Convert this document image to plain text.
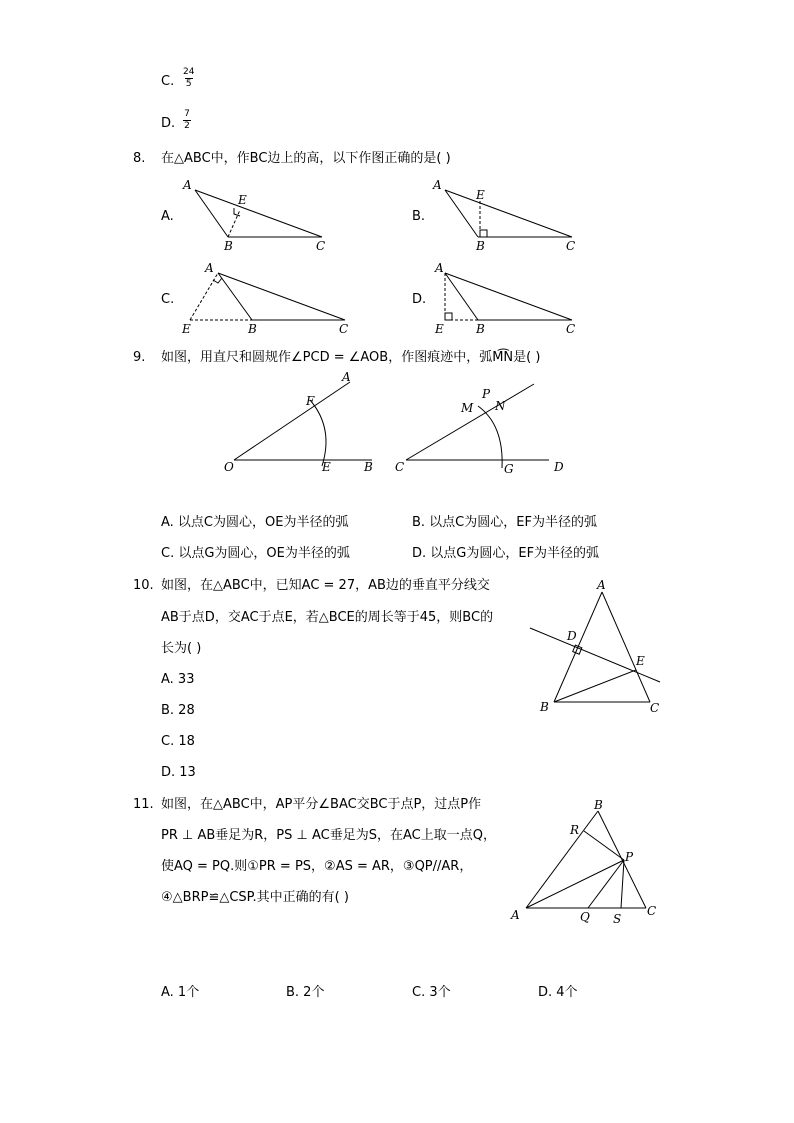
C.
24
5
D.
7
2
8. 在△ABC中，作BC边上的高，以下作图正确的是( )
A.
A
B	C
E
B.
A
B	C
E
C.
A
B	C
E
D.
A
B	C
E
9. 如图，用直尺和圆规作∠PCD = ∠AOB，作图痕迹中，弧M͡N是( )
A
F
O	E	B
P
M N
C	G	D
A. 以点C为圆心，OE为半径的弧	B. 以点C为圆心，EF为半径的弧
C. 以点G为圆心，OE为半径的弧	D. 以点G为圆心，EF为半径的弧
10. 如图，在△ABC中，已知AC = 27，AB边的垂直平分线交
AB于点D，交AC于点E，若△BCE的周长等于45，则BC的
长为( )
A. 33
B. 28
C. 18
D. 13
A
D
E
B	C
11. 如图，在△ABC中，AP平分∠BAC交BC于点P，过点P作
PR ⊥ AB垂足为R，PS ⊥ AC垂足为S，在AC上取一点Q，
使AQ = PQ.则①PR = PS，②AS = AR，③QP//AR，
④△BRP≌△CSP.其中正确的有( )
B
R
P
A	Q S
C
A. 1个	B. 2个	C. 3个	D. 4个
